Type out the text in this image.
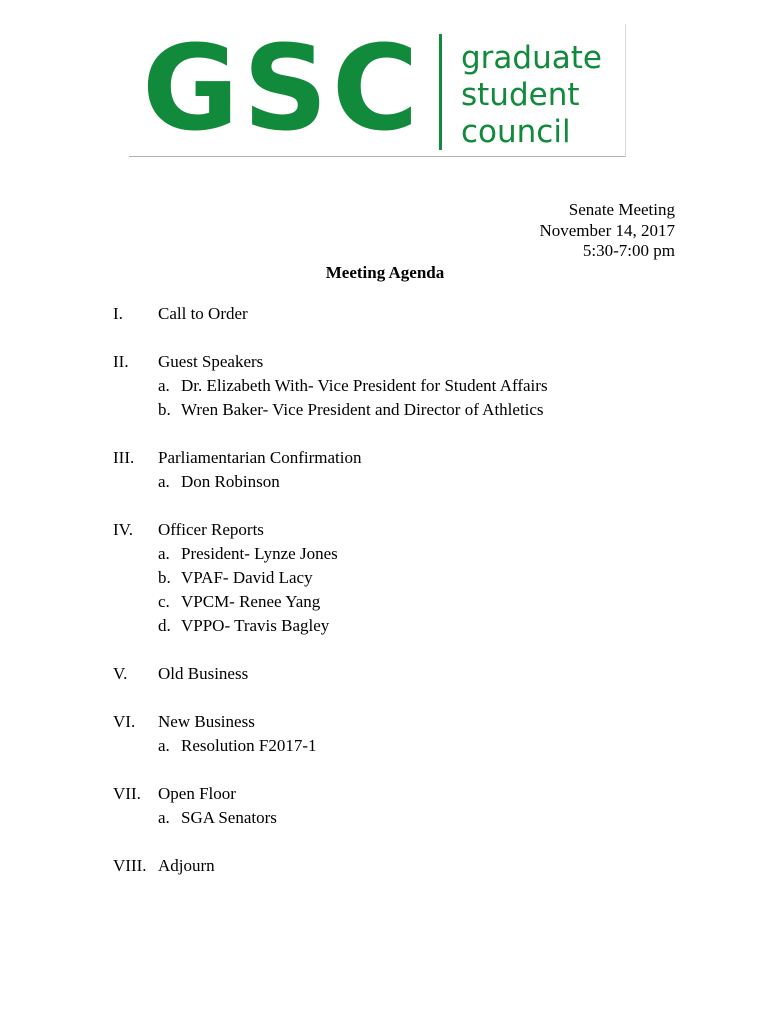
GSC graduate
student
council
Senate Meeting
November 14, 2017
5:30-7:00 pm
Meeting Agenda
I. Call to Order
II. Guest Speakers
a. Dr. Elizabeth With- Vice President for Student Affairs
b. Wren Baker- Vice President and Director of Athletics
III. Parliamentarian Confirmation
a. Don Robinson
IV. Officer Reports
a. President- Lynze Jones
b. VPAF- David Lacy
c. VPCM- Renee Yang
d. VPPO- Travis Bagley
V. Old Business
VI. New Business
a. Resolution F2017-1
VII. Open Floor
a. SGA Senators
VIII. Adjourn
